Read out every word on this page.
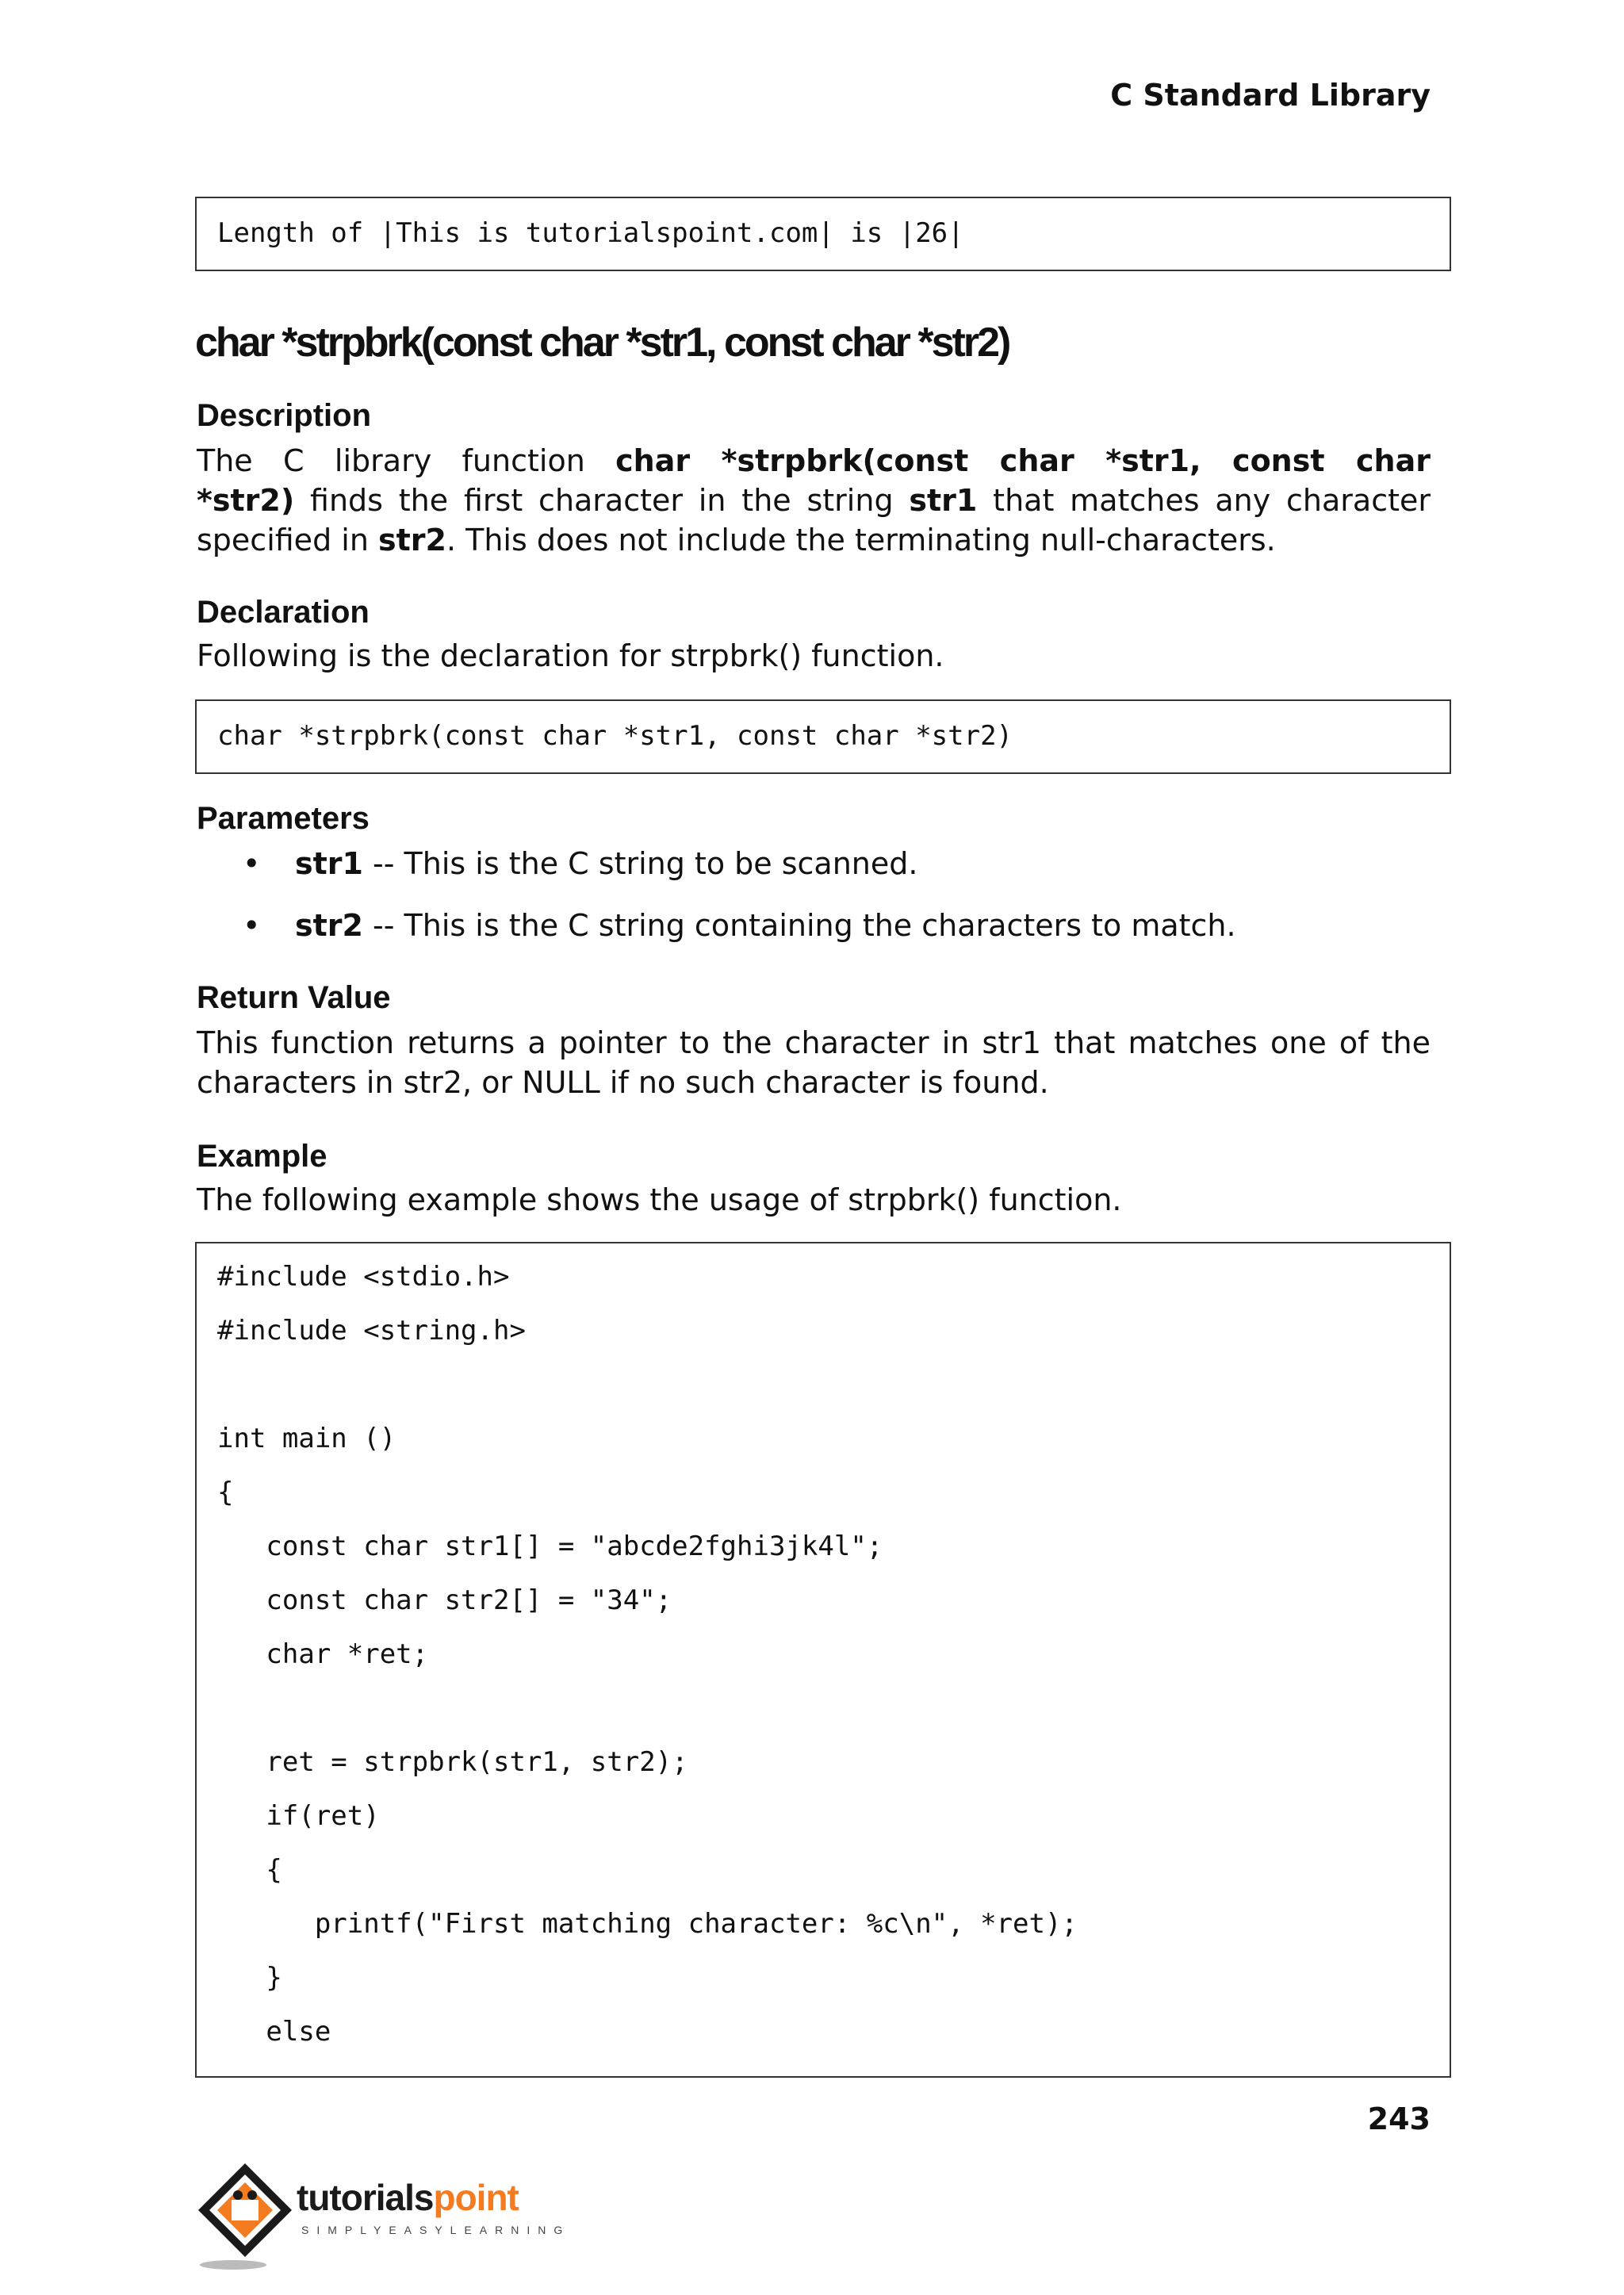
C Standard Library
Length of |This is tutorialspoint.com| is |26|
char *strpbrk(const char *str1, const char *str2)
Description
The C library function char *strpbrk(const char *str1, const char
*str2) finds the first character in the string str1 that matches any character
specified in str2. This does not include the terminating null-characters.
Declaration
Following is the declaration for strpbrk() function.
char *strpbrk(const char *str1, const char *str2)
Parameters
• str1 -- This is the C string to be scanned.
• str2 -- This is the C string containing the characters to match.
Return Value
This function returns a pointer to the character in str1 that matches one of the
characters in str2, or NULL if no such character is found.
Example
The following example shows the usage of strpbrk() function.
#include <stdio.h>
#include <string.h>
int main ()
{
const char str1[] = "abcde2fghi3jk4l";
const char str2[] = "34";
char *ret;
ret = strpbrk(str1, str2);
if(ret)
{
printf("First matching character: %c\n", *ret);
}
else
243
tutorialspoint
SIMPLYEASYLEARNING
